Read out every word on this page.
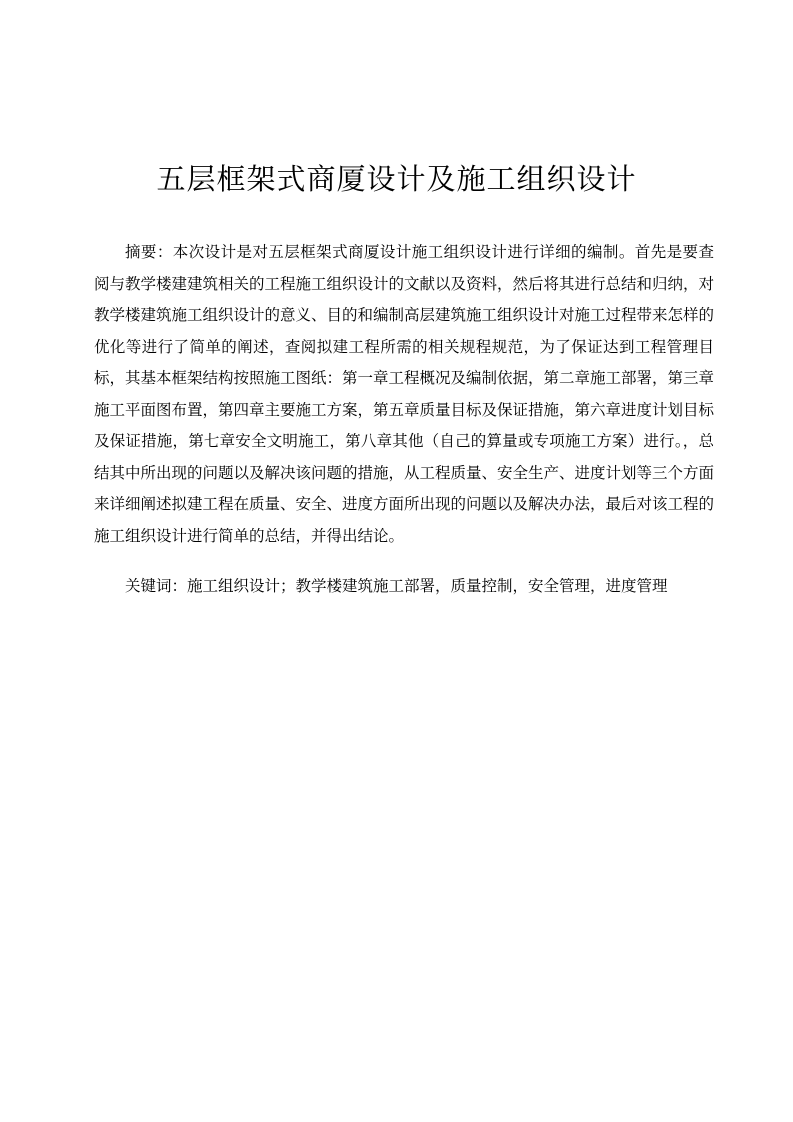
五层框架式商厦设计及施工组织设计

摘要：本次设计是对五层框架式商厦设计施工组织设计进行详细的编制。首先是要查阅与教学楼建建筑相关的工程施工组织设计的文献以及资料，然后将其进行总结和归纳，对教学楼建筑施工组织设计的意义、目的和编制高层建筑施工组织设计对施工过程带来怎样的优化等进行了简单的阐述，查阅拟建工程所需的相关规程规范，为了保证达到工程管理目标，其基本框架结构按照施工图纸：第一章工程概况及编制依据，第二章施工部署，第三章施工平面图布置，第四章主要施工方案，第五章质量目标及保证措施，第六章进度计划目标及保证措施，第七章安全文明施工，第八章其他（自己的算量或专项施工方案）进行。，总结其中所出现的问题以及解决该问题的措施，从工程质量、安全生产、进度计划等三个方面来详细阐述拟建工程在质量、安全、进度方面所出现的问题以及解决办法，最后对该工程的施工组织设计进行简单的总结，并得出结论。

关键词：施工组织设计；教学楼建筑施工部署，质量控制，安全管理，进度管理
